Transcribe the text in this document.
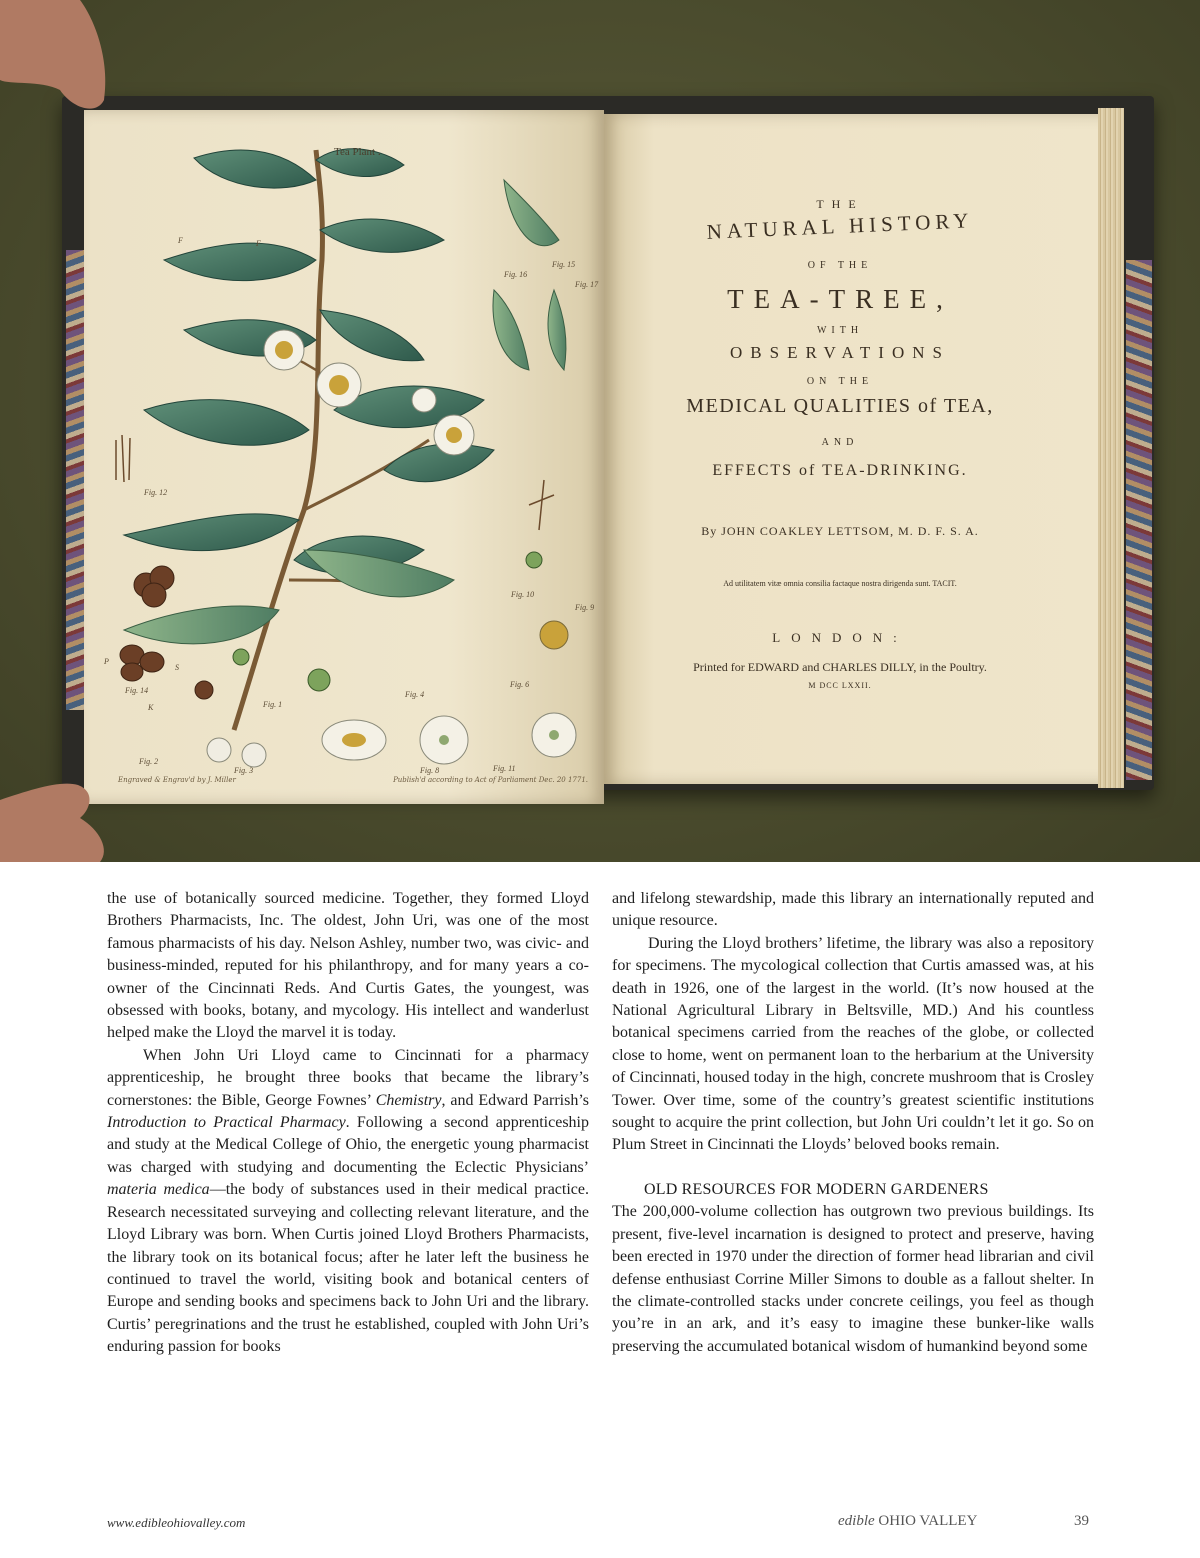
Tea Plant .
F	F
Fig. 16
Fig. 15
Fig. 17
Fig. 12
Fig. 10
Fig. 9
Fig. 14
Fig. 1
Fig. 2
Fig. 3
Fig. 4
Fig. 6
Fig. 8	Fig. 11
S
P
K
Engraved & Engrav'd by J. Miller	Publish'd according to Act of Parliament Dec. 20 1771.
THE
NATURAL HISTORY
OF THE
TEA-TREE,
WITH
OBSERVATIONS
ON THE
MEDICAL QUALITIES of TEA,
AND
EFFECTS of TEA-DRINKING.
By JOHN COAKLEY LETTSOM, M. D. F. S. A.
Ad utilitatem vitæ omnia consilia factaque nostra dirigenda sunt. TACIT.
LONDON:
Printed for EDWARD and CHARLES DILLY, in the Poultry.
M DCC LXXII.

the use of botanically sourced medicine. Together, they formed Lloyd Brothers Pharmacists, Inc. The oldest, John Uri, was one of the most famous pharmacists of his day. Nelson Ashley, number two, was civic- and business-minded, reputed for his philanthropy, and for many years a co-owner of the Cincinnati Reds. And Curtis Gates, the youngest, was obsessed with books, botany, and mycology. His intellect and wanderlust helped make the Lloyd the marvel it is today.

When John Uri Lloyd came to Cincinnati for a pharmacy apprenticeship, he brought three books that became the library’s cornerstones: the Bible, George Fownes’ Chemistry, and Edward Parrish’s Introduction to Practical Pharmacy. Following a second apprenticeship and study at the Medical College of Ohio, the energetic young pharmacist was charged with studying and documenting the Eclectic Physicians’ materia medica—the body of substances used in their medical practice. Research necessitated surveying and collecting relevant literature, and the Lloyd Library was born. When Curtis joined Lloyd Brothers Pharmacists, the library took on its botanical focus; after he later left the business he continued to travel the world, visiting book and botanical centers of Europe and sending books and specimens back to John Uri and the library. Curtis’ peregrinations and the trust he established, coupled with John Uri’s enduring passion for books

and lifelong stewardship, made this library an internationally reputed and unique resource.

During the Lloyd brothers’ lifetime, the library was also a repository for specimens. The mycological collection that Curtis amassed was, at his death in 1926, one of the largest in the world. (It’s now housed at the National Agricultural Library in Beltsville, MD.) And his countless botanical specimens carried from the reaches of the globe, or collected close to home, went on permanent loan to the herbarium at the University of Cincinnati, housed today in the high, concrete mushroom that is Crosley Tower. Over time, some of the country’s greatest scientific institutions sought to acquire the print collection, but John Uri couldn’t let it go. So on Plum Street in Cincinnati the Lloyds’ beloved books remain.

OLD RESOURCES FOR MODERN GARDENERS

The 200,000-volume collection has outgrown two previous buildings. Its present, five-level incarnation is designed to protect and preserve, having been erected in 1970 under the direction of former head librarian and civil defense enthusiast Corrine Miller Simons to double as a fallout shelter. In the climate-controlled stacks under concrete ceilings, you feel as though you’re in an ark, and it’s easy to imagine these bunker-like walls preserving the accumulated botanical wisdom of humankind beyond some

www.edibleohiovalley.com	edible OHIO VALLEY	39
